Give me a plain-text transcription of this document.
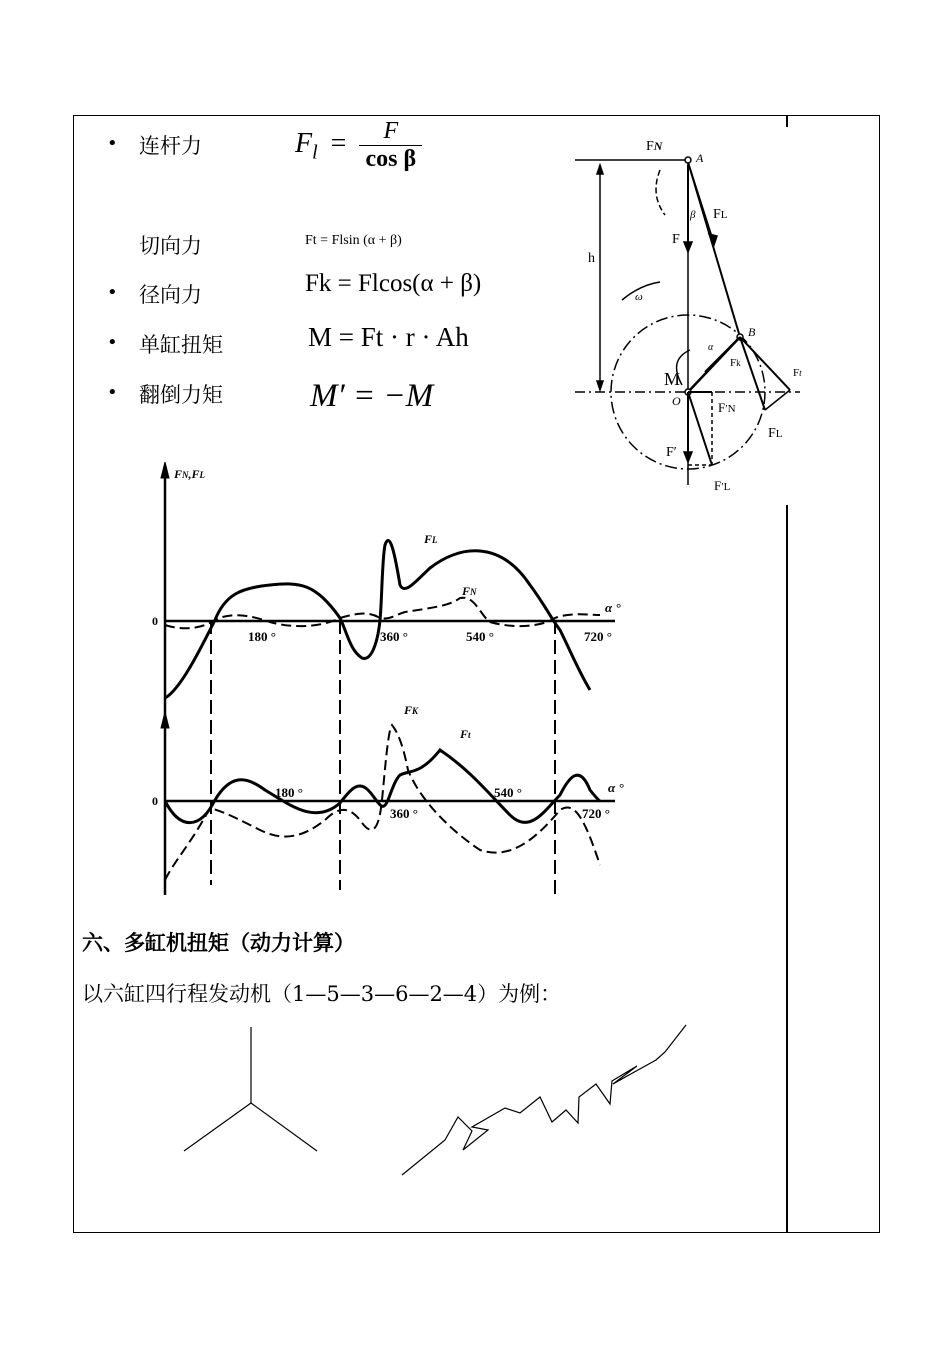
• 连杆力
切向力
• 径向力
• 单缸扭矩
• 翻倒力矩
$F_l = \frac{F}{\text{cos β}}$
Ft = Flsin (α + β)
Fk = Flcos(α + β)
M = Ft · r · Ah
M′ = −M
FN
A
β FL
F
h
ω
B
α
Fk
Ft
M
O	F′N
FL
F′
F′L
FN,FL
FL
FN
0
α °
180 °	360 °	540 °	720 °
FK
Ft
0
α °
180 °
360 °
540 °
720 °
六、多缸机扭矩（动力计算）
以六缸四行程发动机（1—5—3—6—2—4）为例：
